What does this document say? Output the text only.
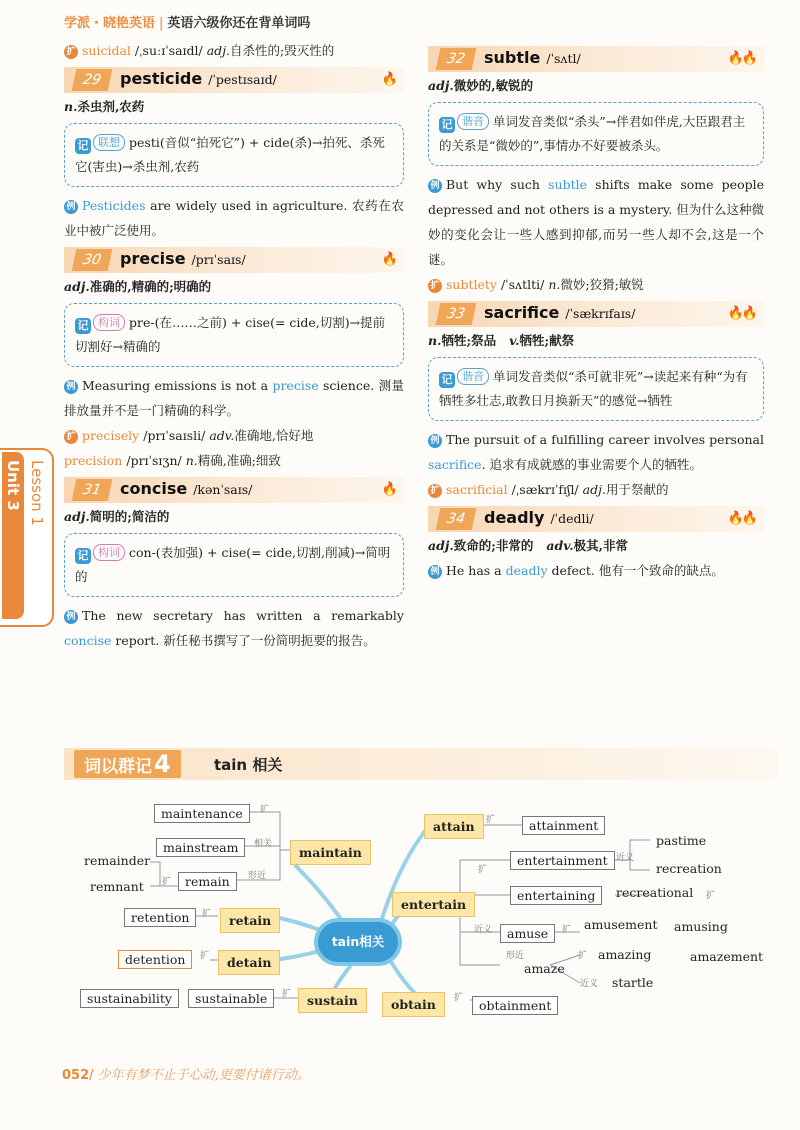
学派・晓艳英语 | 英语六级你还在背单词吗
扩 suicidal /ˌsuːɪˈsaɪdl/ adj.自杀性的;毁灭性的
29	pesticide /ˈpestɪsaɪd/	🔥
n.杀虫剂,农药
记 联想 pesti(音似“拍死它”) + cide(杀)→拍死、杀死它(害虫)→杀虫剂,农药
例 Pesticides are widely used in agriculture. 农药在农业中被广泛使用。
30	precise /prɪˈsaɪs/	🔥
adj.准确的,精确的;明确的
记 构词 pre-(在……之前) + cise(= cide,切割)→提前切割好→精确的
例 Measuring emissions is not a precise science. 测量排放量并不是一门精确的科学。
扩 precisely /prɪˈsaɪsli/ adv.准确地,恰好地
precision /prɪˈsɪʒn/ n.精确,准确;细致
31	concise /kənˈsaɪs/	🔥
adj.简明的;简洁的
记 构词 con-(表加强) + cise(= cide,切割,削减)→简明的
例 The new secretary has written a remarkably concise report. 新任秘书撰写了一份简明扼要的报告。
32	subtle /ˈsʌtl/	🔥🔥
adj.微妙的,敏锐的
记 谐音 单词发音类似“杀头”→伴君如伴虎,大臣跟君主的关系是“微妙的”,事情办不好要被杀头。
例 But why such subtle shifts make some people depressed and not others is a mystery. 但为什么这种微妙的变化会让一些人感到抑郁,而另一些人却不会,这是一个谜。
扩 subtlety /ˈsʌtlti/ n.微妙;狡猾;敏锐
33	sacrifice /ˈsækrɪfaɪs/	🔥🔥
n.牺牲;祭品 v.牺牲;献祭
记 谐音 单词发音类似“杀可就非死”→读起来有种“为有牺牲多壮志,敢教日月换新天”的感觉→牺牲
例 The pursuit of a fulfilling career involves personal sacrifice. 追求有成就感的事业需要个人的牺牲。
扩 sacrificial /ˌsækrɪˈfɪʃl/ adj.用于祭献的
34	deadly /ˈdedli/	🔥🔥
adj.致命的;非常的 adv.极其,非常
例 He has a deadly defect. 他有一个致命的缺点。
Unit 3 Lesson 1
词以群记4	tain 相关
maintenance	扩
mainstream	相关
maintain
remainder
remnant 扩	remain	形近
retention	扩	retain
detention	扩	detain
sustainability	sustainable	扩	sustain
tain相关
obtain	扩	obtainment
attain	扩	attainment
entertain
扩
entertainment 近义
pastime
recreation
entertaining	recreational 扩
近义	amuse	扩 amusement amusing
形近
amaze
扩 amazing	amazement
近义 startle
052/ 少年有梦不止于心动,更要付诸行动。
